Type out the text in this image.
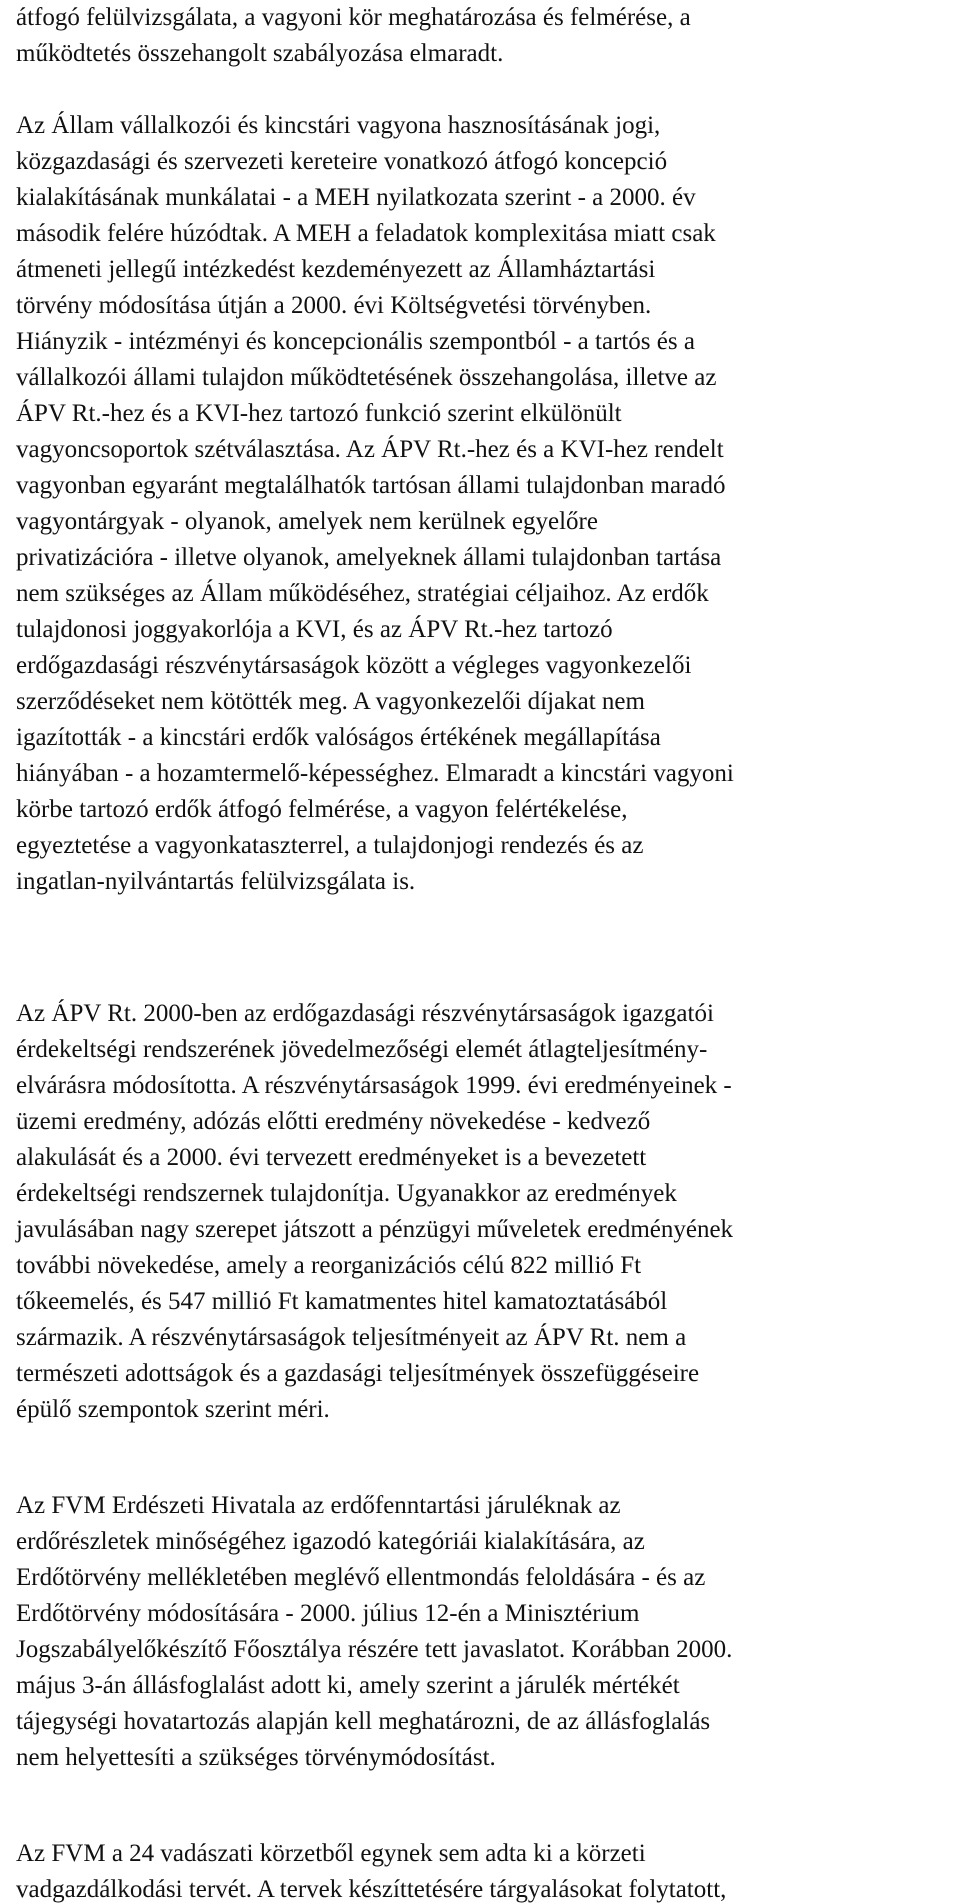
átfogó felülvizsgálata, a vagyoni kör meghatározása és felmérése, a
működtetés összehangolt szabályozása elmaradt.
Az Állam vállalkozói és kincstári vagyona hasznosításának jogi,
közgazdasági és szervezeti kereteire vonatkozó átfogó koncepció
kialakításának munkálatai - a MEH nyilatkozata szerint - a 2000. év
második felére húzódtak. A MEH a feladatok komplexitása miatt csak
átmeneti jellegű intézkedést kezdeményezett az Államháztartási
törvény módosítása útján a 2000. évi Költségvetési törvényben.
Hiányzik - intézményi és koncepcionális szempontból - a tartós és a
vállalkozói állami tulajdon működtetésének összehangolása, illetve az
ÁPV Rt.-hez és a KVI-hez tartozó funkció szerint elkülönült
vagyoncsoportok szétválasztása. Az ÁPV Rt.-hez és a KVI-hez rendelt
vagyonban egyaránt megtalálhatók tartósan állami tulajdonban maradó
vagyontárgyak - olyanok, amelyek nem kerülnek egyelőre
privatizációra - illetve olyanok, amelyeknek állami tulajdonban tartása
nem szükséges az Állam működéséhez, stratégiai céljaihoz. Az erdők
tulajdonosi joggyakorlója a KVI, és az ÁPV Rt.-hez tartozó
erdőgazdasági részvénytársaságok között a végleges vagyonkezelői
szerződéseket nem kötötték meg. A vagyonkezelői díjakat nem
igazították - a kincstári erdők valóságos értékének megállapítása
hiányában - a hozamtermelő-képességhez. Elmaradt a kincstári vagyoni
körbe tartozó erdők átfogó felmérése, a vagyon felértékelése,
egyeztetése a vagyonkataszterrel, a tulajdonjogi rendezés és az
ingatlan-nyilvántartás felülvizsgálata is.
Az ÁPV Rt. 2000-ben az erdőgazdasági részvénytársaságok igazgatói
érdekeltségi rendszerének jövedelmezőségi elemét átlagteljesítmény-
elvárásra módosította. A részvénytársaságok 1999. évi eredményeinek -
üzemi eredmény, adózás előtti eredmény növekedése - kedvező
alakulását és a 2000. évi tervezett eredményeket is a bevezetett
érdekeltségi rendszernek tulajdonítja. Ugyanakkor az eredmények
javulásában nagy szerepet játszott a pénzügyi műveletek eredményének
további növekedése, amely a reorganizációs célú 822 millió Ft
tőkeemelés, és 547 millió Ft kamatmentes hitel kamatoztatásából
származik. A részvénytársaságok teljesítményeit az ÁPV Rt. nem a
természeti adottságok és a gazdasági teljesítmények összefüggéseire
épülő szempontok szerint méri.
Az FVM Erdészeti Hivatala az erdőfenntartási járuléknak az
erdőrészletek minőségéhez igazodó kategóriái kialakítására, az
Erdőtörvény mellékletében meglévő ellentmondás feloldására - és az
Erdőtörvény módosítására - 2000. július 12-én a Minisztérium
Jogszabályelőkészítő Főosztálya részére tett javaslatot. Korábban 2000.
május 3-án állásfoglalást adott ki, amely szerint a járulék mértékét
tájegységi hovatartozás alapján kell meghatározni, de az állásfoglalás
nem helyettesíti a szükséges törvénymódosítást.
Az FVM a 24 vadászati körzetből egynek sem adta ki a körzeti
vadgazdálkodási tervét. A tervek készíttetésére tárgyalásokat folytatott,
